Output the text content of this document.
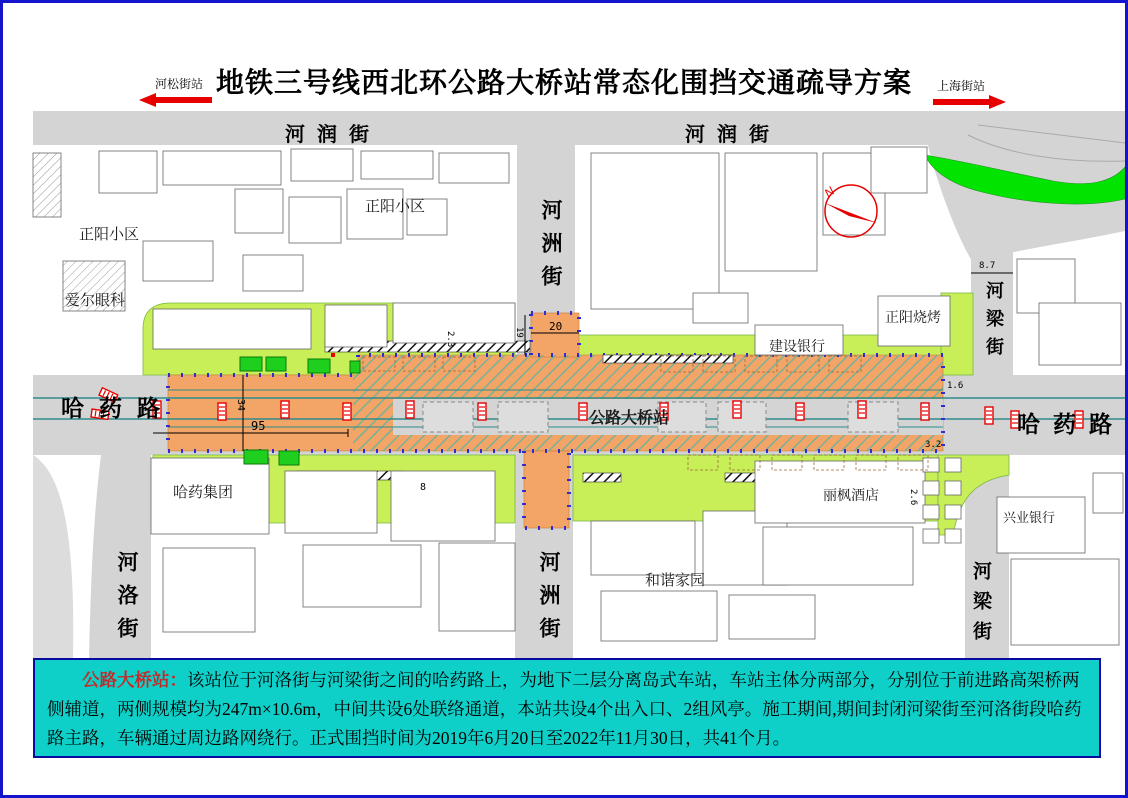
地铁三号线西北环公路大桥站常态化围挡交通疏导方案
河松街站	上海街站
河润街	河润街
河洲街
河洲街
河梁街
河梁街
河洛街
哈药路
哈药路
公路大桥站
正阳小区
正阳小区
爱尔眼科
哈药集团
建设银行
正阳烧烤
丽枫酒店
和谐家园
兴业银行
95
34
20
19
8.7
1.6
3.2
2.3
2.6
8
N

公路大桥站：该站位于河洛街与河梁街之间的哈药路上，为地下二层分离岛式车站，车站主体分两部分，分别位于前进路高架桥两侧辅道，两侧规模均为247m×10.6m，中间共设6处联络通道，本站共设4个出入口、2组风亭。施工期间,期间封闭河梁街至河洛街段哈药路主路，车辆通过周边路网绕行。正式围挡时间为2019年6月20日至2022年11月30日，共41个月。
